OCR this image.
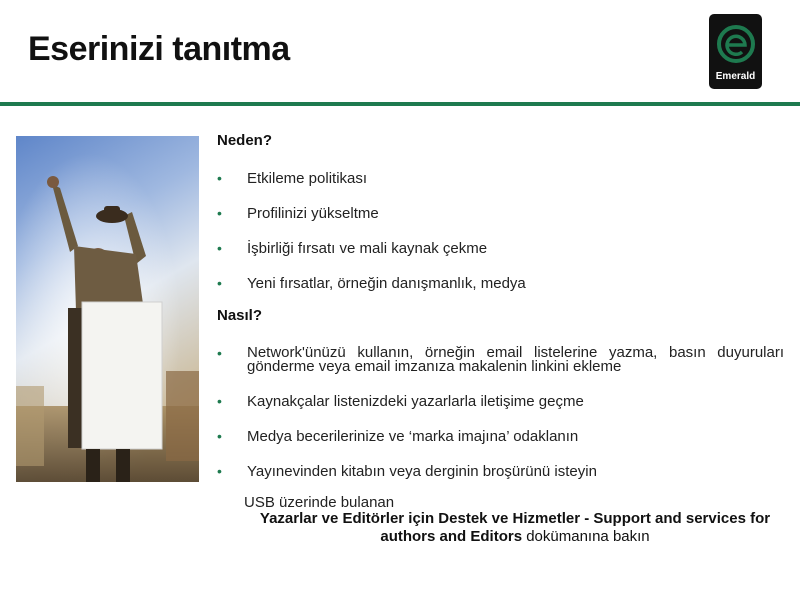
Eserinizi tanıtma
Emerald

Neden?

• Etkileme politikası
• Profilinizi yükseltme
• İşbirliği fırsatı ve mali kaynak çekme
• Yeni fırsatlar, örneğin danışmanlık, medya

Nasıl?

• Network'ünüzü kullanın, örneğin email listelerine yazma, basın duyuruları gönderme veya email imzanıza makalenin linkini ekleme
• Kaynakçalar listenizdeki yazarlarla iletişime geçme
• Medya becerilerinize ve ‘marka imajına’ odaklanın
• Yayınevinden kitabın veya derginin broşürünü isteyin
USB üzerinde bulanan
Yazarlar ve Editörler için Destek ve Hizmetler - Support and services for authors and Editors dokümanına bakın
